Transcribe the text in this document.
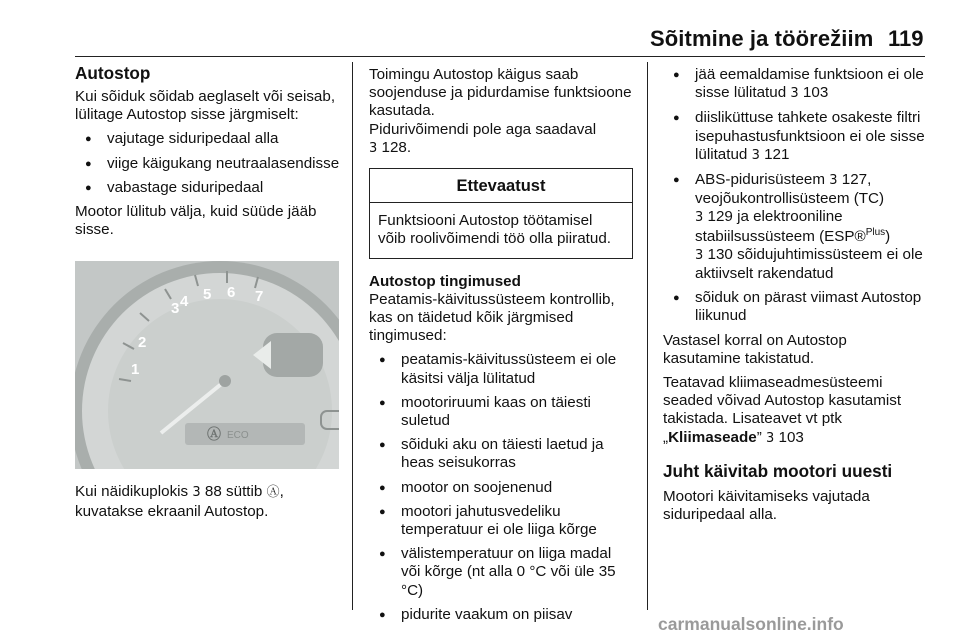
Sõitmine ja töörežiim 119

Autostop

Kui sõiduk sõidab aeglaselt või seisab, lülitage Autostop sisse järgmiselt:

● vajutage siduripedaal alla
● viige käigukang neutraalasendisse
● vabastage siduripedaal

Mootor lülitub välja, kuid süüde jääb sisse.

1
2
3 4 5 6 7
Ⓐ ECO

Kui näidikuplokis 3 88 süttib Ⓐ, kuvatakse ekraanil Autostop.

Toimingu Autostop käigus saab soojenduse ja pidurdamise funktsioone kasutada.

Pidurivõimendi pole aga saadaval
3 128.

Ettevaatust
Funktsiooni Autostop töötamisel võib roolivõimendi töö olla piiratud.

Autostop tingimused

Peatamis-käivitussüsteem kontrollib, kas on täidetud kõik järgmised tingimused:

● peatamis-käivitussüsteem ei ole käsitsi välja lülitatud
● mootoriruumi kaas on täiesti suletud
● sõiduki aku on täiesti laetud ja heas seisukorras
● mootor on soojenenud
● mootori jahutusvedeliku temperatuur ei ole liiga kõrge
● välistemperatuur on liiga madal või kõrge (nt alla 0 °C või üle 35 °C)
● pidurite vaakum on piisav
● jää eemaldamise funktsioon ei ole sisse lülitatud 3 103
● diisliküttuse tahkete osakeste filtri isepuhastusfunktsioon ei ole sisse lülitatud 3 121
● ABS-pidurisüsteem 3 127, veojõukontrollisüsteem (TC)
3 129 ja elektrooniline stabiilsussüsteem (ESP®$^{Plus}$)
3 130 sõidujuhtimissüsteem ei ole aktiivselt rakendatud
● sõiduk on pärast viimast Autostop liikunud

Vastasel korral on Autostop kasutamine takistatud.

Teatavad kliimaseadmesüsteemi seaded võivad Autostop kasutamist takistada. Lisateavet vt ptk
„Kliimaseade” 3 103

Juht käivitab mootori uuesti

Mootori käivitamiseks vajutada siduripedaal alla.

carmanualsonline.info
